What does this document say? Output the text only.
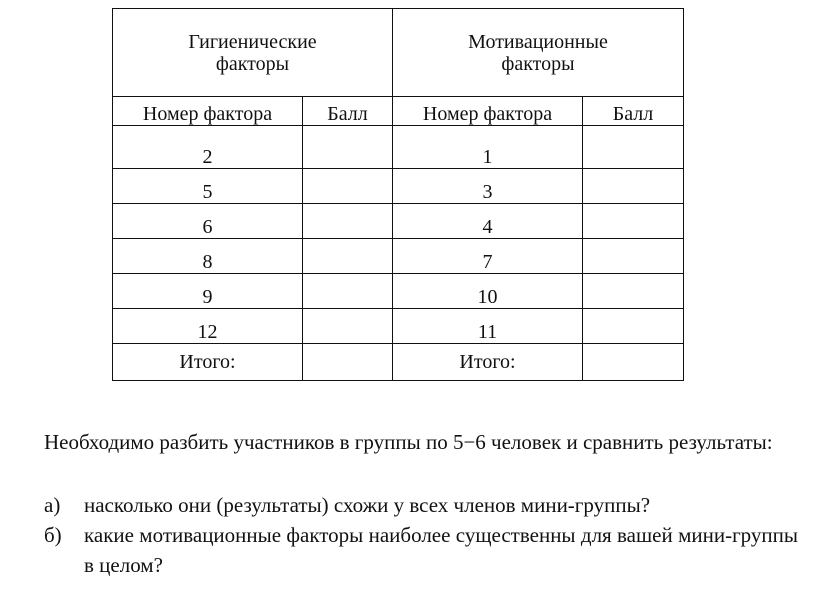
Гигиенические факторы		Мотивационные факторы	
Номер фактора	Балл	Номер фактора	Балл
2		1	
5		3	
6		4	
8		7	
9		10	
12		11	
Итого:		Итого:	
Необходимо разбить участников в группы по 5−6 человек и сравнить результаты:
а) насколько они (результаты) схожи у всех членов мини-группы?
б) какие мотивационные факторы наиболее существенны для вашей мини-группы в целом?
